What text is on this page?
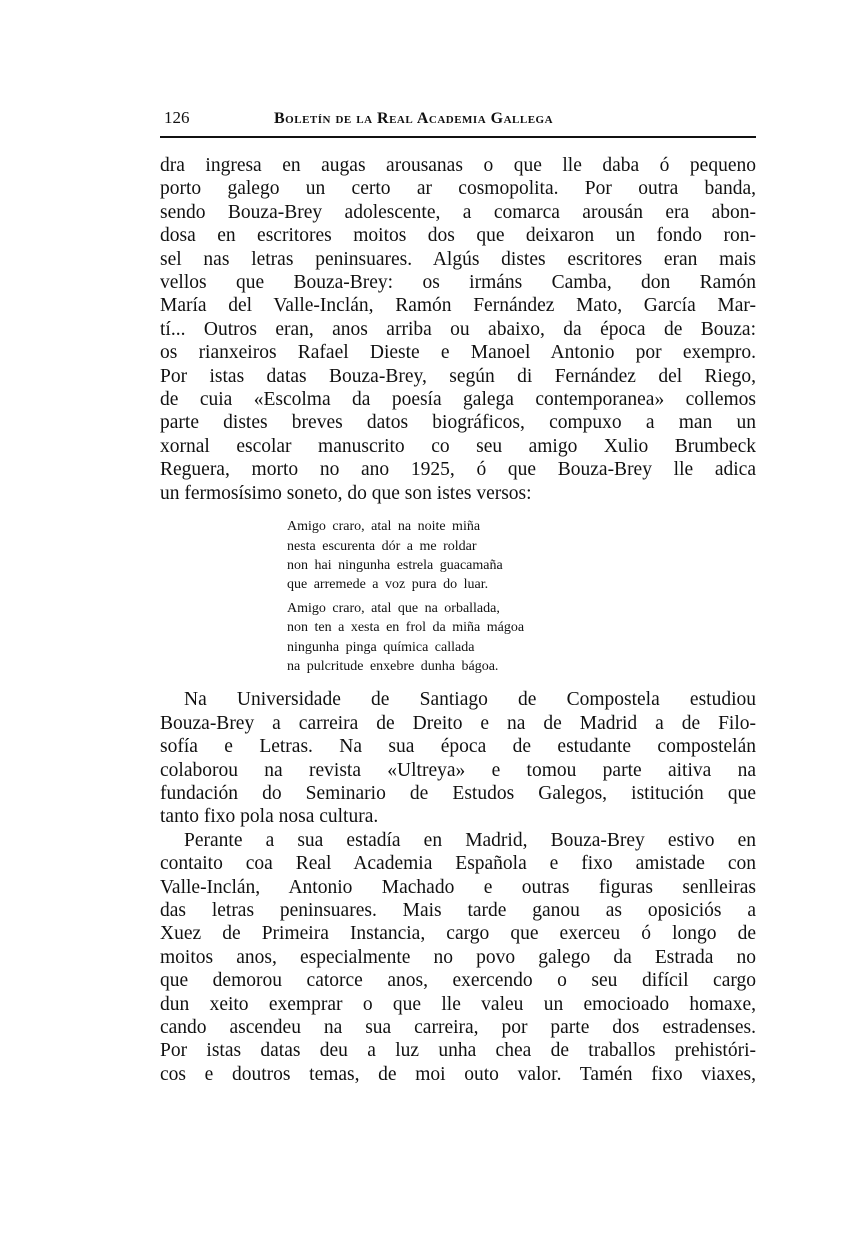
126	Boletín de la Real Academia Gallega

dra ingresa en augas arousanas o que lle daba ó pequeno
porto galego un certo ar cosmopolita. Por outra banda,
sendo Bouza-Brey adolescente, a comarca arousán era abon-
dosa en escritores moitos dos que deixaron un fondo ron-
sel nas letras peninsuares. Algús distes escritores eran mais
vellos que Bouza-Brey: os irmáns Camba, don Ramón
María del Valle-Inclán, Ramón Fernández Mato, García Mar-
tí... Outros eran, anos arriba ou abaixo, da época de Bouza:
os rianxeiros Rafael Dieste e Manoel Antonio por exempro.
Por istas datas Bouza-Brey, según di Fernández del Riego,
de cuia «Escolma da poesía galega contemporanea» collemos
parte distes breves datos biográficos, compuxo a man un
xornal escolar manuscrito co seu amigo Xulio Brumbeck
Reguera, morto no ano 1925, ó que Bouza-Brey lle adica
un fermosísimo soneto, do que son istes versos:

Amigo craro, atal na noite miña
nesta escurenta dór a me roldar
non hai ningunha estrela guacamaña
que arremede a voz pura do luar.

Amigo craro, atal que na orballada,
non ten a xesta en frol da miña mágoa
ningunha pinga química callada
na pulcritude enxebre dunha bágoa.

Na Universidade de Santiago de Compostela estudiou
Bouza-Brey a carreira de Dreito e na de Madrid a de Filo-
sofía e Letras. Na sua época de estudante compostelán
colaborou na revista «Ultreya» e tomou parte aitiva na
fundación do Seminario de Estudos Galegos, istitución que
tanto fixo pola nosa cultura.

Perante a sua estadía en Madrid, Bouza-Brey estivo en
contaito coa Real Academia Española e fixo amistade con
Valle-Inclán, Antonio Machado e outras figuras senlleiras
das letras peninsuares. Mais tarde ganou as oposiciós a
Xuez de Primeira Instancia, cargo que exerceu ó longo de
moitos anos, especialmente no povo galego da Estrada no
que demorou catorce anos, exercendo o seu difícil cargo
dun xeito exemprar o que lle valeu un emocioado homaxe,
cando ascendeu na sua carreira, por parte dos estradenses.
Por istas datas deu a luz unha chea de traballos prehistóri-
cos e doutros temas, de moi outo valor. Tamén fixo viaxes,
